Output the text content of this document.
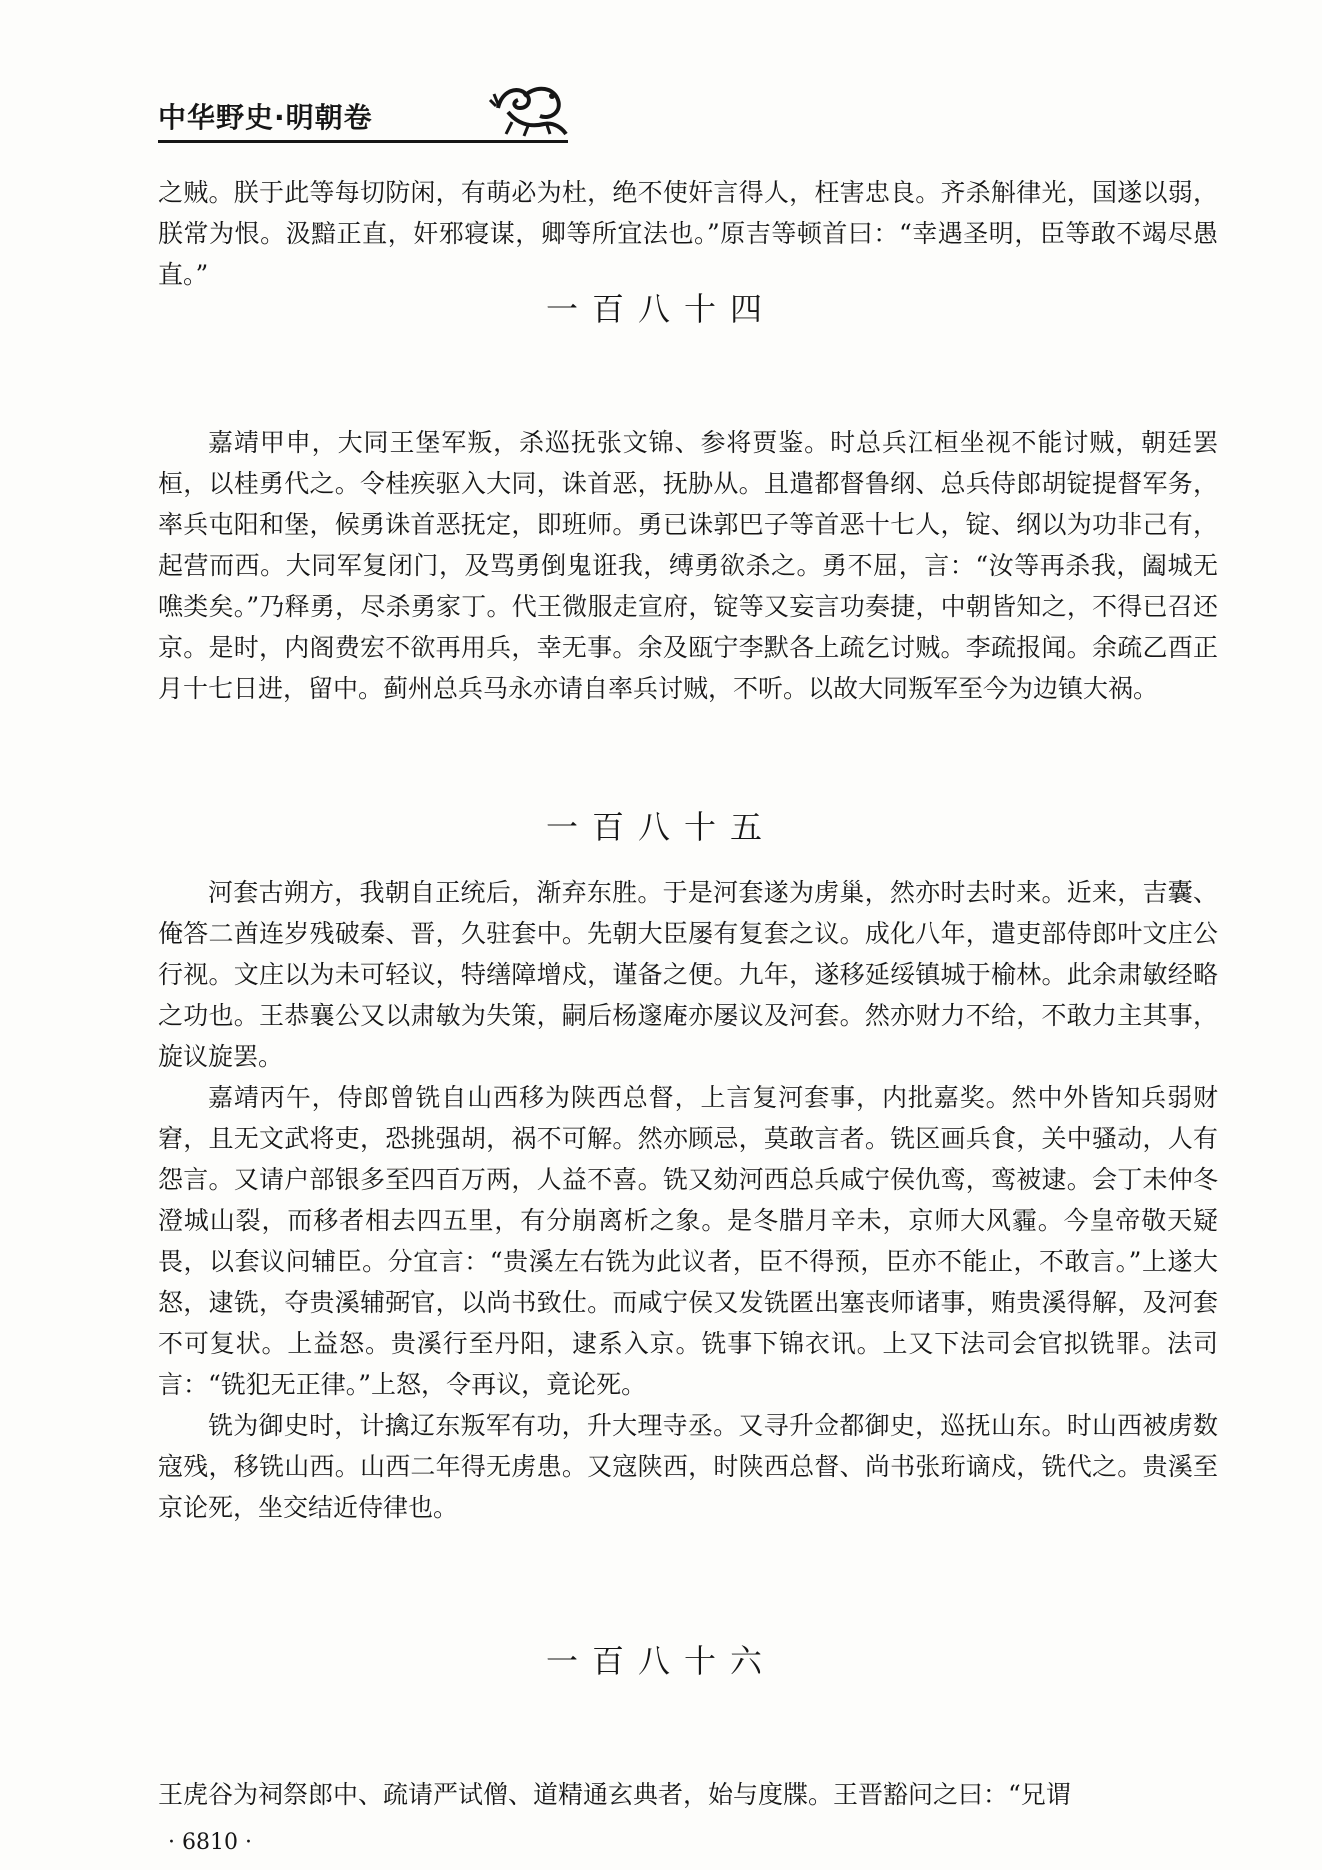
中华野史·明朝卷

之贼。朕于此等每切防闲，有萌必为杜，绝不使奸言得人，枉害忠良。齐杀斛律光，国遂以弱，朕常为恨。汲黯正直，奸邪寝谋，卿等所宜法也。”原吉等顿首曰：“幸遇圣明，臣等敢不竭尽愚直。”

一百八十四

嘉靖甲申，大同王堡军叛，杀巡抚张文锦、参将贾鉴。时总兵江桓坐视不能讨贼，朝廷罢桓，以桂勇代之。令桂疾驱入大同，诛首恶，抚胁从。且遣都督鲁纲、总兵侍郎胡锭提督军务，率兵屯阳和堡，候勇诛首恶抚定，即班师。勇已诛郭巴子等首恶十七人，锭、纲以为功非己有，起营而西。大同军复闭门，及骂勇倒鬼诳我，缚勇欲杀之。勇不屈，言：“汝等再杀我，阖城无噍类矣。”乃释勇，尽杀勇家丁。代王微服走宣府，锭等又妄言功奏捷，中朝皆知之，不得已召还京。是时，内阁费宏不欲再用兵，幸无事。余及瓯宁李默各上疏乞讨贼。李疏报闻。余疏乙酉正月十七日进，留中。蓟州总兵马永亦请自率兵讨贼，不听。以故大同叛军至今为边镇大祸。

一百八十五

河套古朔方，我朝自正统后，渐弃东胜。于是河套遂为虏巢，然亦时去时来。近来，吉囊、俺答二酋连岁残破秦、晋，久驻套中。先朝大臣屡有复套之议。成化八年，遣吏部侍郎叶文庄公行视。文庄以为未可轻议，特缮障增戍，谨备之便。九年，遂移延绥镇城于榆林。此余肃敏经略之功也。王恭襄公又以肃敏为失策，嗣后杨邃庵亦屡议及河套。然亦财力不给，不敢力主其事，旋议旋罢。

嘉靖丙午，侍郎曾铣自山西移为陕西总督，上言复河套事，内批嘉奖。然中外皆知兵弱财窘，且无文武将吏，恐挑强胡，祸不可解。然亦顾忌，莫敢言者。铣区画兵食，关中骚动，人有怨言。又请户部银多至四百万两，人益不喜。铣又劾河西总兵咸宁侯仇鸾，鸾被逮。会丁未仲冬澄城山裂，而移者相去四五里，有分崩离析之象。是冬腊月辛未，京师大风霾。今皇帝敬天疑畏，以套议问辅臣。分宜言：“贵溪左右铣为此议者，臣不得预，臣亦不能止，不敢言。”上遂大怒，逮铣，夺贵溪辅弼官，以尚书致仕。而咸宁侯又发铣匿出塞丧师诸事，贿贵溪得解，及河套不可复状。上益怒。贵溪行至丹阳，逮系入京。铣事下锦衣讯。上又下法司会官拟铣罪。法司言：“铣犯无正律。”上怒，令再议，竟论死。

铣为御史时，计擒辽东叛军有功，升大理寺丞。又寻升佥都御史，巡抚山东。时山西被虏数寇残，移铣山西。山西二年得无虏患。又寇陕西，时陕西总督、尚书张珩谪戍，铣代之。贵溪至京论死，坐交结近侍律也。

一百八十六

王虎谷为祠祭郎中、疏请严试僧、道精通玄典者，始与度牒。王晋豁问之曰：“兄谓

· 6810 ·
